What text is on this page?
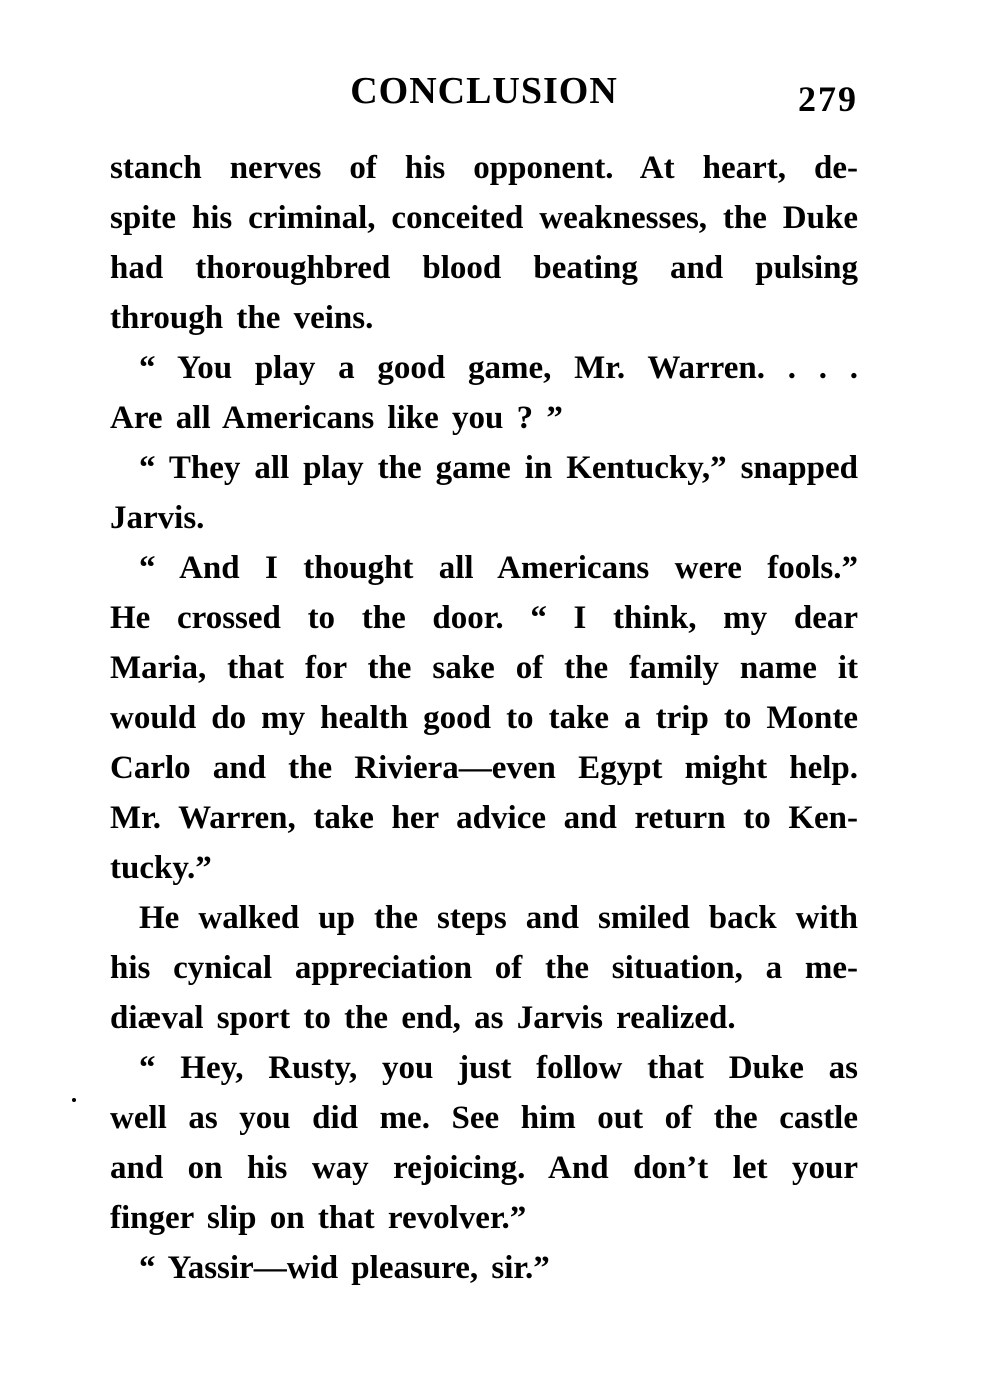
CONCLUSION	279
stanch nerves of his opponent. At heart, de-
spite his criminal, conceited weaknesses, the Duke
had thoroughbred blood beating and pulsing
through the veins.
“ You play a good game, Mr. Warren. . . .
Are all Americans like you ? ”
“ They all play the game in Kentucky,” snapped
Jarvis.
“ And I thought all Americans were fools.”
He crossed to the door. “ I think, my dear
Maria, that for the sake of the family name it
would do my health good to take a trip to Monte
Carlo and the Riviera—even Egypt might help.
Mr. Warren, take her advice and return to Ken-
tucky.”
He walked up the steps and smiled back with
his cynical appreciation of the situation, a me-
diæval sport to the end, as Jarvis realized.
“ Hey, Rusty, you just follow that Duke as
well as you did me. See him out of the castle
and on his way rejoicing. And don’t let your
finger slip on that revolver.”
“ Yassir—wid pleasure, sir.”
